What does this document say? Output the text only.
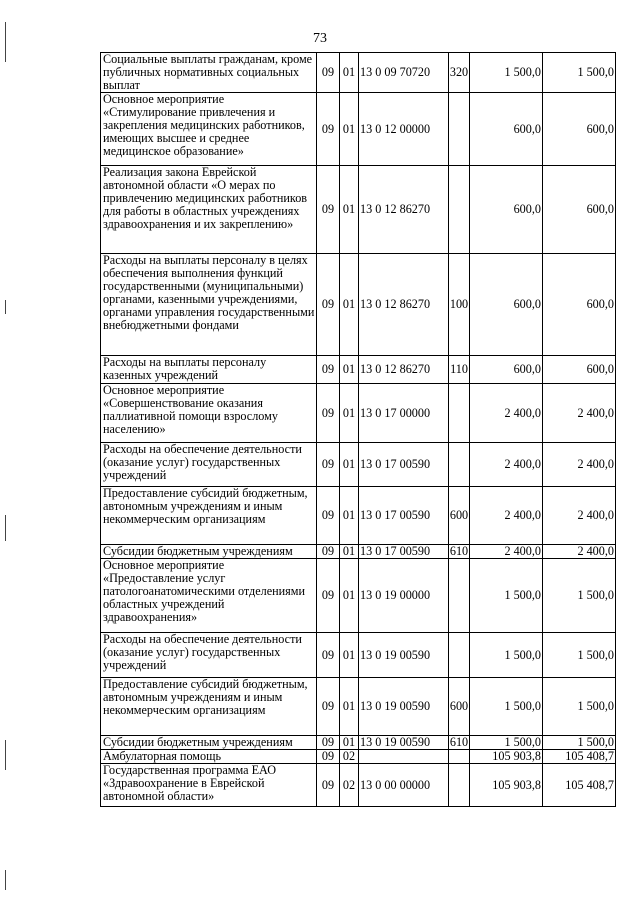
73
Социальные выплаты гражданам, кроме публичных нормативных социальных выплат	09	01	13 0 09 70720	320	1 500,0	1 500,0
Основное мероприятие «Стимулирование привлечения и закрепления медицинских работников, имеющих высшее и среднее медицинское образование»	09	01	13 0 12 00000		600,0	600,0
Реализация закона Еврейской автономной области «О мерах по привлечению медицинских работников для работы в областных учреждениях здравоохранения и их закреплению»	09	01	13 0 12 86270		600,0	600,0
Расходы на выплаты персоналу в целях обеспечения выполнения функций государственными (муниципальными) органами, казенными учреждениями, органами управления государственными внебюджетными фондами	09	01	13 0 12 86270	100	600,0	600,0
Расходы на выплаты персоналу казенных учреждений	09	01	13 0 12 86270	110	600,0	600,0
Основное мероприятие «Совершенствование оказания паллиативной помощи взрослому населению»	09	01	13 0 17 00000		2 400,0	2 400,0
Расходы на обеспечение деятельности (оказание услуг) государственных учреждений	09	01	13 0 17 00590		2 400,0	2 400,0
Предоставление субсидий бюджетным, автономным учреждениям и иным некоммерческим организациям	09	01	13 0 17 00590	600	2 400,0	2 400,0
Субсидии бюджетным учреждениям	09	01	13 0 17 00590	610	2 400,0	2 400,0
Основное мероприятие «Предоставление услуг патологоанатомическими отделениями областных учреждений здравоохранения»	09	01	13 0 19 00000		1 500,0	1 500,0
Расходы на обеспечение деятельности (оказание услуг) государственных учреждений	09	01	13 0 19 00590		1 500,0	1 500,0
Предоставление субсидий бюджетным, автономным учреждениям и иным некоммерческим организациям	09	01	13 0 19 00590	600	1 500,0	1 500,0
Субсидии бюджетным учреждениям	09	01	13 0 19 00590	610	1 500,0	1 500,0
Амбулаторная помощь	09	02			105 903,8	105 408,7
Государственная программа ЕАО «Здравоохранение в Еврейской автономной области»	09	02	13 0 00 00000		105 903,8	105 408,7
